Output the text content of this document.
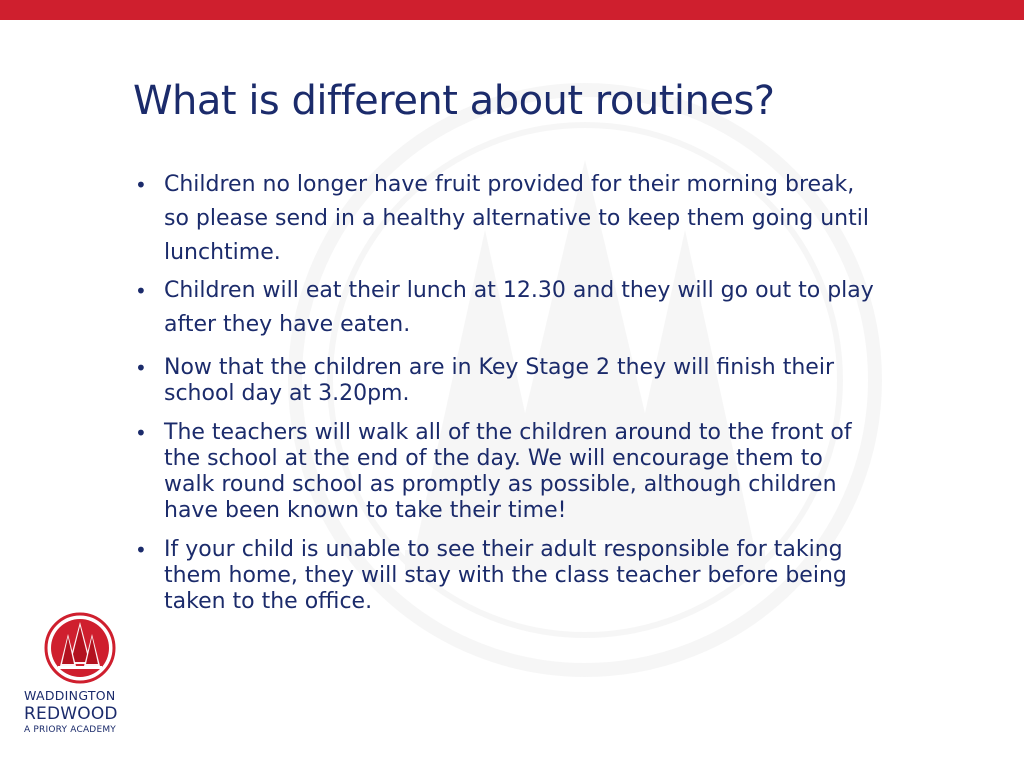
What is different about routines?
• Children no longer have fruit provided for their morning break,
so please send in a healthy alternative to keep them going until
lunchtime.
• Children will eat their lunch at 12.30 and they will go out to play
after they have eaten.
• Now that the children are in Key Stage 2 they will finish their
school day at 3.20pm.
• The teachers will walk all of the children around to the front of
the school at the end of the day. We will encourage them to
walk round school as promptly as possible, although children
have been known to take their time!
• If your child is unable to see their adult responsible for taking
them home, they will stay with the class teacher before being
taken to the office.
WADDINGTON
REDWOOD
A PRIORY ACADEMY
